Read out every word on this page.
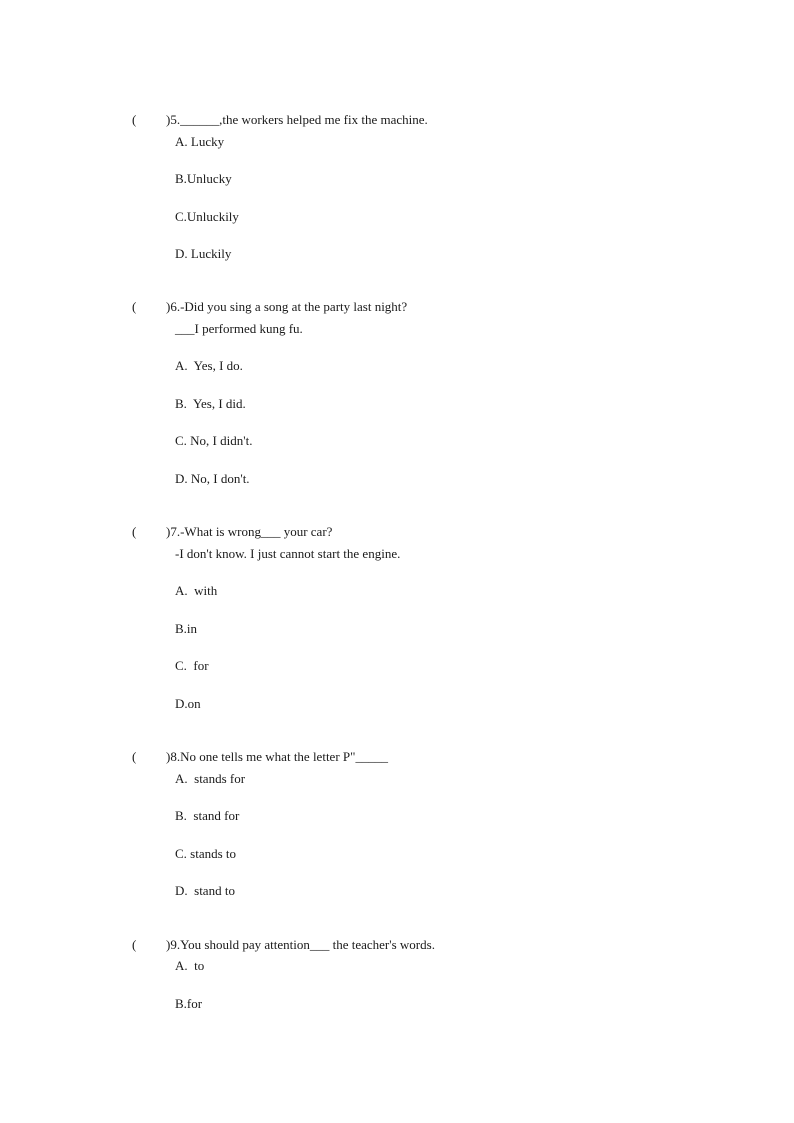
( )5.______,the workers helped me fix the machine.

A. Lucky
B.Unlucky
C.Unluckily
D. Luckily

( )6.-Did you sing a song at the party last night?

___I performed kung fu.
A.  Yes, I do.
B.  Yes, I did.
C. No, I didn't.
D. No, I don't.

( )7.-What is wrong___ your car?

-I don't know. I just cannot start the engine.
A.  with
B.in
C.  for
D.on

( )8.No one tells me what the letter P"_____

A.  stands for
B.  stand for
C. stands to
D.  stand to

( )9.You should pay attention___ the teacher's words.

A.  to
B.for
